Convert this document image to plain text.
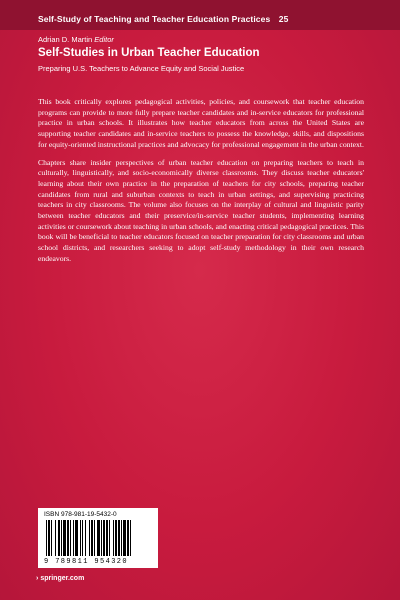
Self-Study of Teaching and Teacher Education Practices 25
Adrian D. Martin Editor
Self-Studies in Urban Teacher Education
Preparing U.S. Teachers to Advance Equity and Social Justice

This book critically explores pedagogical activities, policies, and coursework that teacher education programs can provide to more fully prepare teacher candidates and in-service educators for professional practice in urban schools. It illustrates how teacher educators from across the United States are supporting teacher candidates and in-service teachers to possess the knowledge, skills, and dispositions for equity-oriented instructional practices and advocacy for professional engagement in the urban context.

Chapters share insider perspectives of urban teacher education on preparing teachers to teach in culturally, linguistically, and socio-economically diverse classrooms. They discuss teacher educators' learning about their own practice in the preparation of teachers for city schools, preparing teacher candidates from rural and suburban contexts to teach in urban settings, and supervising practicing teachers in city classrooms. The volume also focuses on the interplay of cultural and linguistic parity between teacher educators and their preservice/in-service teacher students, implementing learning activities or coursework about teaching in urban schools, and enacting critical pedagogical practices. This book will be beneficial to teacher educators focused on teacher preparation for city classrooms and urban school districts, and researchers seeking to adopt self-study methodology in their own research endeavors.

ISBN 978-981-19-5432-0
9 789811 954320
› springer.com
